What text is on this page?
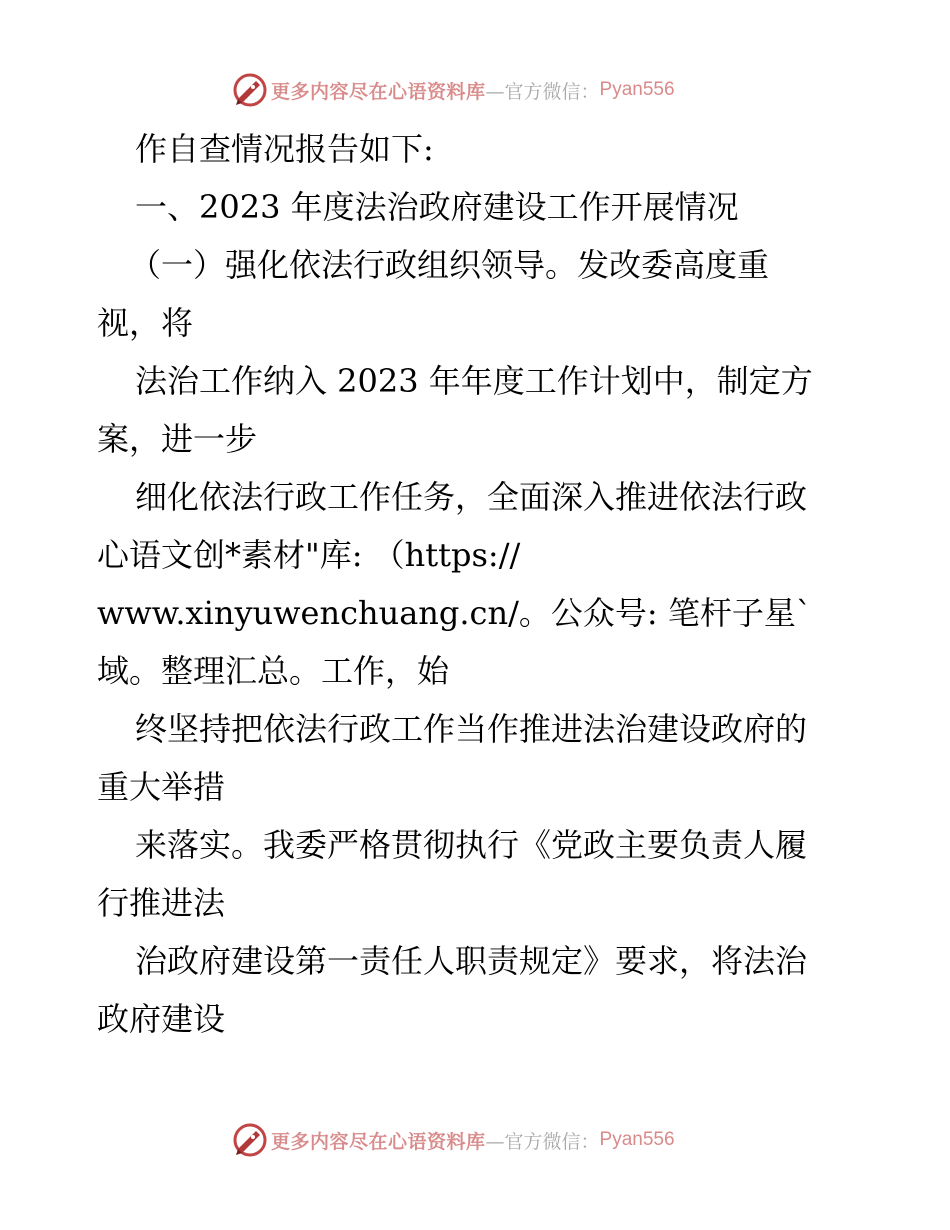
更多内容尽在心语资料库 —官方微信： Pyan556
作自查情况报告如下:
一、2023 年度法治政府建设工作开展情况
（一）强化依法行政组织领导。发改委高度重
视，将
法治工作纳入 2023 年年度工作计划中，制定方
案，进一步
细化依法行政工作任务，全面深入推进依法行政
心语文创*素材"库: （https://
www.xinyuwenchuang.cn/。公众号: 笔杆子星`
域。整理汇总。工作，始
终坚持把依法行政工作当作推进法治建设政府的
重大举措
来落实。我委严格贯彻执行《党政主要负责人履
行推进法
治政府建设第一责任人职责规定》要求，将法治
政府建设
更多内容尽在心语资料库 —官方微信： Pyan556
